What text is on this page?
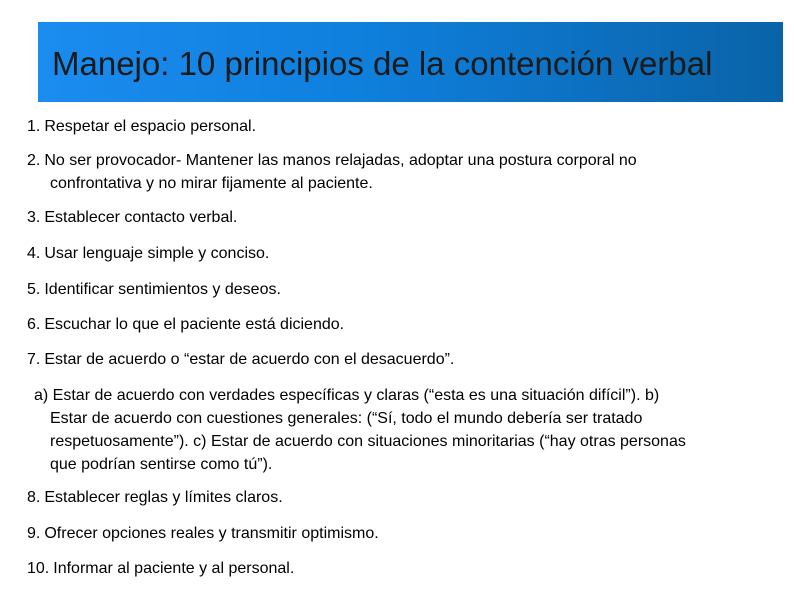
Manejo: 10 principios de la contención verbal
1. Respetar el espacio personal.
2. No ser provocador- Mantener las manos relajadas, adoptar una postura corporal no
confrontativa y no mirar fijamente al paciente.
3. Establecer contacto verbal.
4. Usar lenguaje simple y conciso.
5. Identificar sentimientos y deseos.
6. Escuchar lo que el paciente está diciendo.
7. Estar de acuerdo o “estar de acuerdo con el desacuerdo”.
a) Estar de acuerdo con verdades específicas y claras (“esta es una situación difícil”). b)
Estar de acuerdo con cuestiones generales: (“Sí, todo el mundo debería ser tratado
respetuosamente”). c) Estar de acuerdo con situaciones minoritarias (“hay otras personas
que podrían sentirse como tú”).
8. Establecer reglas y límites claros.
9. Ofrecer opciones reales y transmitir optimismo.
10. Informar al paciente y al personal.
